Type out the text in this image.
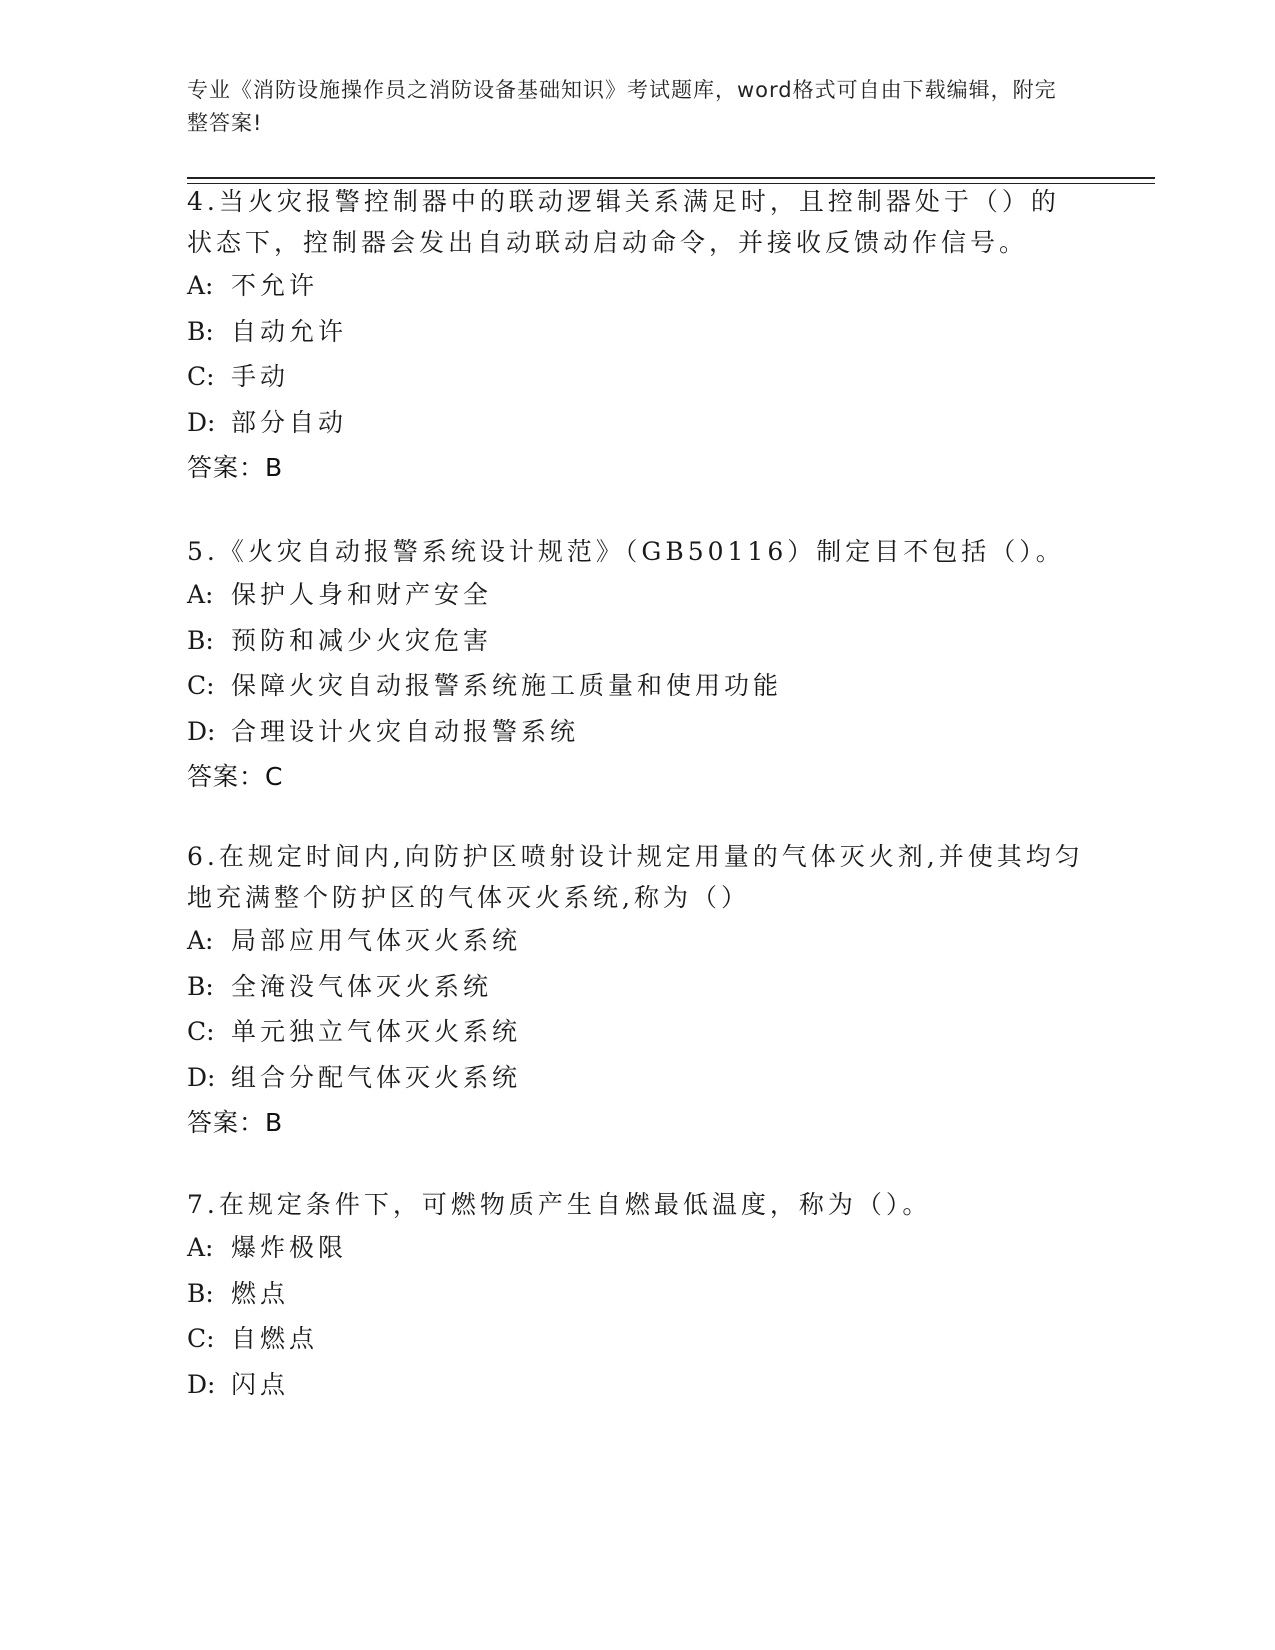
专业《消防设施操作员之消防设备基础知识》考试题库，word格式可自由下载编辑，附完整答案!

4.当火灾报警控制器中的联动逻辑关系满足时，且控制器处于（）的状态下，控制器会发出自动联动启动命令，并接收反馈动作信号。

A: 不允许

B: 自动允许

C: 手动

D: 部分自动

答案：B

5.《火灾自动报警系统设计规范》（GB50116）制定目不包括（）。

A: 保护人身和财产安全

B: 预防和减少火灾危害

C: 保障火灾自动报警系统施工质量和使用功能

D: 合理设计火灾自动报警系统

答案：C

6.在规定时间内,向防护区喷射设计规定用量的气体灭火剂,并使其均匀地充满整个防护区的气体灭火系统,称为（）

A: 局部应用气体灭火系统

B: 全淹没气体灭火系统

C: 单元独立气体灭火系统

D: 组合分配气体灭火系统

答案：B

7.在规定条件下，可燃物质产生自燃最低温度，称为（）。

A: 爆炸极限

B: 燃点

C: 自燃点

D: 闪点
